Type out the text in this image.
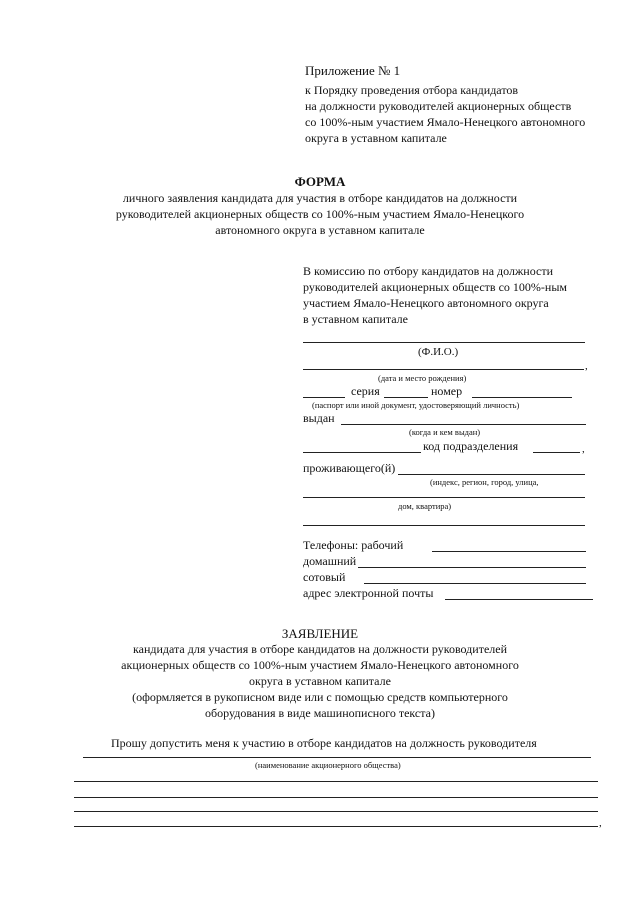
Приложение № 1
к Порядку проведения отбора кандидатов
на должности руководителей акционерных обществ
со 100%-ным участием Ямало-Ненецкого автономного
округа в уставном капитале
ФОРМА
личного заявления кандидата для участия в отборе кандидатов на должности
руководителей акционерных обществ со 100%-ным участием Ямало-Ненецкого
автономного округа в уставном капитале
В комиссию по отбору кандидатов на должности
руководителей акционерных обществ со 100%-ным
участием Ямало-Ненецкого автономного округа
в уставном капитале
(Ф.И.О.)
,
(дата и место рождения)
серия	номер
(паспорт или иной документ, удостоверяющий личность)
выдан
(когда и кем выдан)
код подразделения	,
проживающего(й)
(индекс, регион, город, улица,
дом, квартира)
Телефоны: рабочий
домашний
сотовый
адрес электронной почты
ЗАЯВЛЕНИЕ
кандидата для участия в отборе кандидатов на должности руководителей
акционерных обществ со 100%-ным участием Ямало-Ненецкого автономного
округа в уставном капитале
(оформляется в рукописном виде или с помощью средств компьютерного
оборудования в виде машинописного текста)
Прошу допустить меня к участию в отборе кандидатов на должность руководителя
(наименование акционерного общества)
,
